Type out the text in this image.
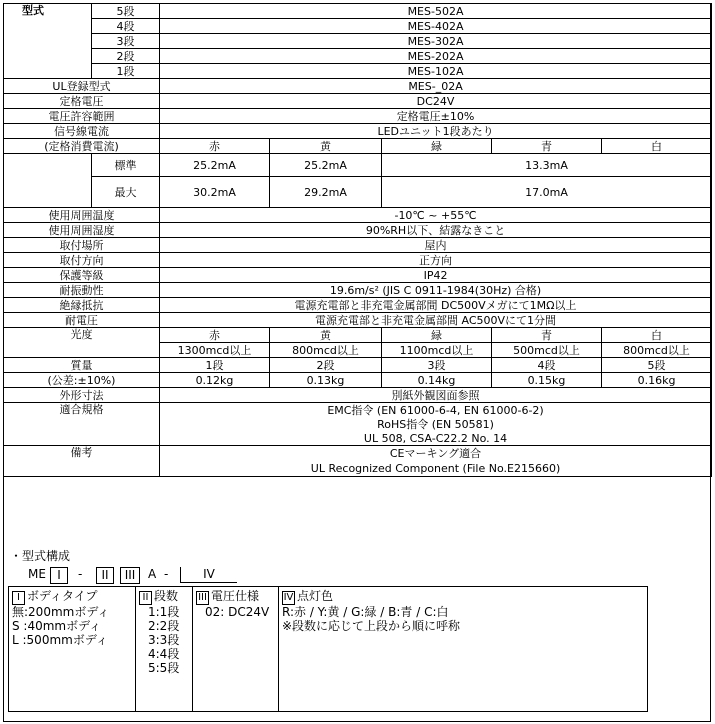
型式	5段	MES-502A				
	4段	MES-402A				
	3段	MES-302A				
	2段	MES-202A				
	1段	MES-102A				
UL登録型式		MES-_02A				
定格電圧		DC24V				
電圧許容範囲		定格電圧±10%				
信号線電流		LEDユニット1段あたり				
(定格消費電流)		赤	黄	緑	青	白
	標準	25.2mA	25.2mA	13.3mA		
	最大	30.2mA	29.2mA	17.0mA		
使用周囲温度		-10℃ ~ +55℃				
使用周囲湿度		90%RH以下、結露なきこと				
取付場所		屋内				
取付方向		正方向				
保護等級		IP42				
耐振動性		19.6m/s² (JIS C 0911-1984(30Hz) 合格)				
絶縁抵抗		電源充電部と非充電金属部間 DC500Vメガにて1MΩ以上				
耐電圧		電源充電部と非充電金属部間 AC500Vにて1分間				
光度		赤	黄	緑	青	白
		1300mcd以上	800mcd以上	1100mcd以上	500mcd以上	800mcd以上
質量		1段	2段	3段	4段	5段
(公差:±10%)		0.12kg	0.13kg	0.14kg	0.15kg	0.16kg
外形寸法		別紙外観図面参照				
適合規格		EMC指令 (EN 61000-6-4, EN 61000-6-2)				
		RoHS指令 (EN 50581)				
		UL 508, CSA-C22.2 No. 14				
備考		CEマーキング適合				
		UL Recognized Component (File No.E215660)				
・型式構成
ME I	-	II	III	A -	IV
I ボディタイプ
無:200mmボディ
S :40mmボディ
L :500mmボディ
II 段数
1:1段
2:2段
3:3段
4:4段
5:5段
III 電圧仕様
02: DC24V
IV 点灯色
R:赤 / Y:黄 / G:緑 / B:青 / C:白
※段数に応じて上段から順に呼称
